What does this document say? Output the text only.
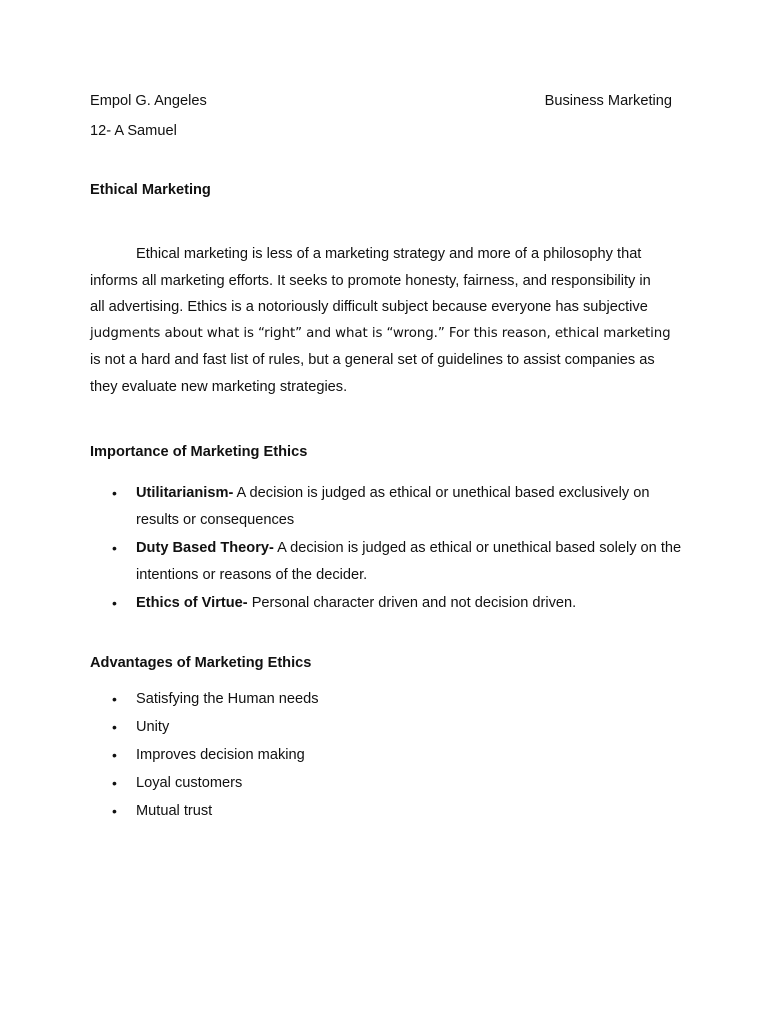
Empol G. Angeles	Business Marketing
12- A Samuel
Ethical Marketing
Ethical marketing is less of a marketing strategy and more of a philosophy that
informs all marketing efforts. It seeks to promote honesty, fairness, and responsibility in
all advertising. Ethics is a notoriously difficult subject because everyone has subjective
judgments about what is “right” and what is “wrong.” For this reason, ethical marketing
is not a hard and fast list of rules, but a general set of guidelines to assist companies as
they evaluate new marketing strategies.
Importance of Marketing Ethics
• Utilitarianism- A decision is judged as ethical or unethical based exclusively on results or consequences
• Duty Based Theory- A decision is judged as ethical or unethical based solely on the intentions or reasons of the decider.
• Ethics of Virtue- Personal character driven and not decision driven.
Advantages of Marketing Ethics
• Satisfying the Human needs
• Unity
• Improves decision making
• Loyal customers
• Mutual trust
